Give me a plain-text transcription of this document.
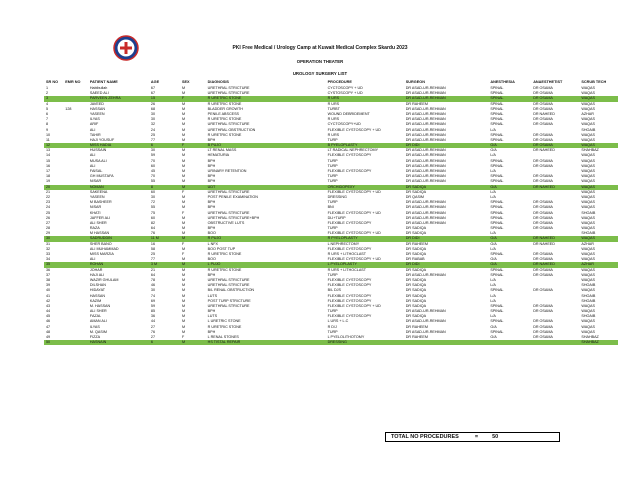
PKI Free Medical / Urology Camp at Kuwait Medical Complex Skardu 2023
OPERATION THEATER
UROLOGY SURGERY LIST
SR NO	EMR NO	PATIENT NAME	AGE	SEX	DIAGNOSIS	PROCEDURE	SURGEON	ANESTHESIA	ANAESTHETIST	SCRUB TECH
1		Habibullah	67	M	URETHRAL STRICTURE	CYCTOSCOPY + UD	DR ASAD-UR-REHMAN	SPINAL	DR OSAMA	WAQAS
2		SAEED ALI	67	M	URETHRAL STRICTURE	CYSTOSCOPY + UD	DR ASAD-UR-REHMAN	SPINAL	DR OSAMA	WAQAS
3		PARVEEN ZEHRA	15	F	R URETRIC STONE	R URS	DR ASAD-UR-REHMAN	SPINAL	DR OSAMA	WAQAS
4		JAVEED	26	M	R URETRIC STONE	R URS	DR RAHEEM	SPINAL	DR OSAMA	WAQAS
5	128	HASSAN	68	M	BLADDER GROWTH	TURBT	DR ASAD-UR-REHMAN	SPINAL	DR OSAMA	WAQAS
6		YASEEN	30	M	PENILE ABSCESS	WOUND DEBRIDEMENT	DR ASAD-UR-REHMAN	SPINAL	DR NAHEED	AZHAR
7		ILYAS	30	M	R URETRIC STONE	R URS	DR ASAD-UR-REHMAN	SPINAL	DR OSAMA	WAQAS
8		ARIF	32	M	URETHRAL STRICTURE	CYCTOSCOPY+UD	DR ASAD-UR-REHMAN	SPINAL	DR OSAMA	WAQAS
9		ALI	24	M	URETHRAL OBSTRUCTION	FLEXIBLE CYSTOSCOPY + UD	DR ASAD-UR-REHMAN	L/A		SHOAIB
10		TAHIR	25	M	R URETRIC STONE	R URS	DR ASAD-UR-REHMAN	SPINAL	DR OSAMA	WAQAS
11		HAJI YOUSUF	77	M	BPH	TURP	DR ASAD-UR-REHMAN	SPINAL	DR OSAMA	WAQAS
12		MISS HADIA	6	F	B PUJO	B PYELOPLASTY	DR DIDI	G/A	DR OSAMA	WAQAS
13		HUSSAIN	30	M	LT RENAL MASS	LT RADICAL NEPHRECTOMY	DR ASAD-UR-REHMAN	G/A	DR NAHEED	SHAHBAZ
14		ALI	59	M	HEMATURIA	FLEXIBLE CYSTOSCOPY	DR ASAD-UR-REHMAN	L/A		WAQAS
15		MUSA ALI	70	M	BPH	TURP	DR ASAD-UR-REHMAN	SPINAL	DR OSAMA	WAQAS
16		ALI	60	M	BPH	TURP	DR ASAD-UR-REHMAN	SPINAL	DR OSAMA	WAQAS
17		FAISAL	45	M	URINARY RETENTION	FLEXIBLE CYSTOSCOPY	DR ASAD-UR-REHMAN	L/A		WAQAS
18		GH MUSTAFA	70	M	BPH	TURP	DR ASAD-UR-REHMAN	SPINAL	DR OSAMA	WAQAS
19		NISAR	55	M	BPH	TURP	DR ASAD-UR-REHMAN	SPINAL	DR OSAMA	WAQAS
20		NOMAN	8	M	UDT	ORCHIDOPEXY	DR SADIQA	G/A	DR NAHEED	WAQAS
21		SAKEENA	60	F	URETHRAL STRICTURE	FLEXIBLE CYSTOSCOPY + UD	DR SADIQA	L/A		WAQAS
22		YASEEN	30	M	POST PENILE EXAMINATION	DRESSING	DR QASIM	L/A		WAQAS
23		M BASHEER	72	M	BPH	TURP	DR ASAD-UR-REHMAN	SPINAL	DR OSAMA	WAQAS
24		NISAR	55	M	BPH	BNI	DR ASAD-UR-REHMAN	SPINAL	DR OSAMA	WAQAS
25		KHATI	75	F	URETHRAL STRICTURE	FLEXIBLE CYSTOSCOPY + UD	DR ASAD-UR-REHMAN	SPINAL	DR OSAMA	SHOAIB
26		JAFFER ALI	60	M	URETHRAL STRICTURE+BPH	DLI+TURP	DR ASAD-UR-REHMAN	SPINAL	DR OSAMA	WAQAS
27		ALI SHER	82	M	OBSTRUCTIVE LUTS	FLEXIBLE CYSTOSCOPY	DR ASAD-UR-REHMAN	SPINAL	DR OSAMA	WAQAS
28		RAZA	64	M	BPH	TURP	DR SADIQA	SPINAL	DR OSAMA	WAQAS
29		M HASSAN	76	M	BOO	FLEXIBLE CYSTOSCOPY + UD	DR SADIQA	L/A		SHOAIB
30		SADRUDDIN	11 M	M	R PUJO	R PYELOPLASTY	DR DIDI	G/A	DR NAHEED	WAQAS
31		SHER BANO	16	F	L NFX	L NEPHRECTOMY	DR RAHEEM	G/A	DR NAHEED	AZHAR
32		ALI MUHAMMAD	58	M	BOO POST TUP	FLEXIBLE CYSTOSCOPY	DR SADIQA	L/A		WAQAS
33		MISS MARZIA	25	F	R URETRIC STONE	R URS + LITHOCLAST	DR SADIQA	SPINAL	DR OSAMA	WAQAS
34		ALI	77	M	BOO	FLEXIBLE CYSTOSCOPY + UD	DR RABAB	G/A	DR OSAMA	WAQAS
35		ROHAN	3 M	M	L PUJO	L PYELOPLASTY	DR DIDI	G/A	DR NAHEED	AZHAR
36		JOHAR	21	M	R URETRIC STONE	R URS + LITHOCLAST	DR SADIQA	SPINAL	DR OSAMA	WAQAS
37		HAJI ALI	64	M	BPH	TURP	DR ASAD-UR-REHMAN	SPINAL	DR OSAMA	WAQAS
38		WAZIR GHULAM	78	M	URETHRAL STRICTURE	FLEXIBLE CYSTOSCOPY	DR SADIQA	L/A		WAQAS
39		DILSHAN	46	M	URETHRAL STRICTURE	FLEXIBLE CYSTOSCOPY	DR SADIQA	L/A		SHOAIB
40		HIDAYAT	30	M	B/L RENAL OBSTRUCTION	B/L DJS	DR SADIQA	SPINAL	DR OSAMA	WAQAS
41		HASSAN	74	M	LUTS	FLEXIBLE CYSTOSCOPY	DR SADIQA	L/A		SHOAIB
42		KAZIM	69	M	POST TURP STRICTURE	FLEXIBLE CYSTOSCOPY	DR SADIQA	L/A		SHOAIB
43		M. HASSAN	59	M	URETHRAL STRICTURE	FLEXIBLE CYSTOSCOPY + UD	DR SADIQA	SPINAL	DR OSAMA	WAQAS
44		ALI SHER	85	M	BPH	TURP	DR ASAD-UR-REHMAN	SPINAL	DR OSAMA	WAQAS
45		FAZAL	36	M	LUTS	FLEXIBLE CYSTOSCOPY	DR SADIQA	L/A		SHOAIB
46		AMAN ALI	44	M	L URETRIC STONE	L URS + L.C	DR ASAD-UR-REHMAN	SPINAL	DR OSAMA	WAQAS
47		ILYAS	27	M	R URETRIC STONE	R D/J	DR RAHEEM	G/A	DR OSAMA	WAQAS
48		M. QASIM	76	M	BPH	TURP	DR ASAD-UR-REHMAN	SPINAL	DR OSAMA	WAQAS
49		FIZZA	27	F	L RENAL STONES	L PYELOLITHOTOMY	DR RAHEEM	G/A	DR OSAMA	SHAHBAZ
50		HASNAIN	6	M	HS TISTAL REPAIR	DRESSING				SHAHBAZ
TOTAL NO PROCEDURES	=	50
